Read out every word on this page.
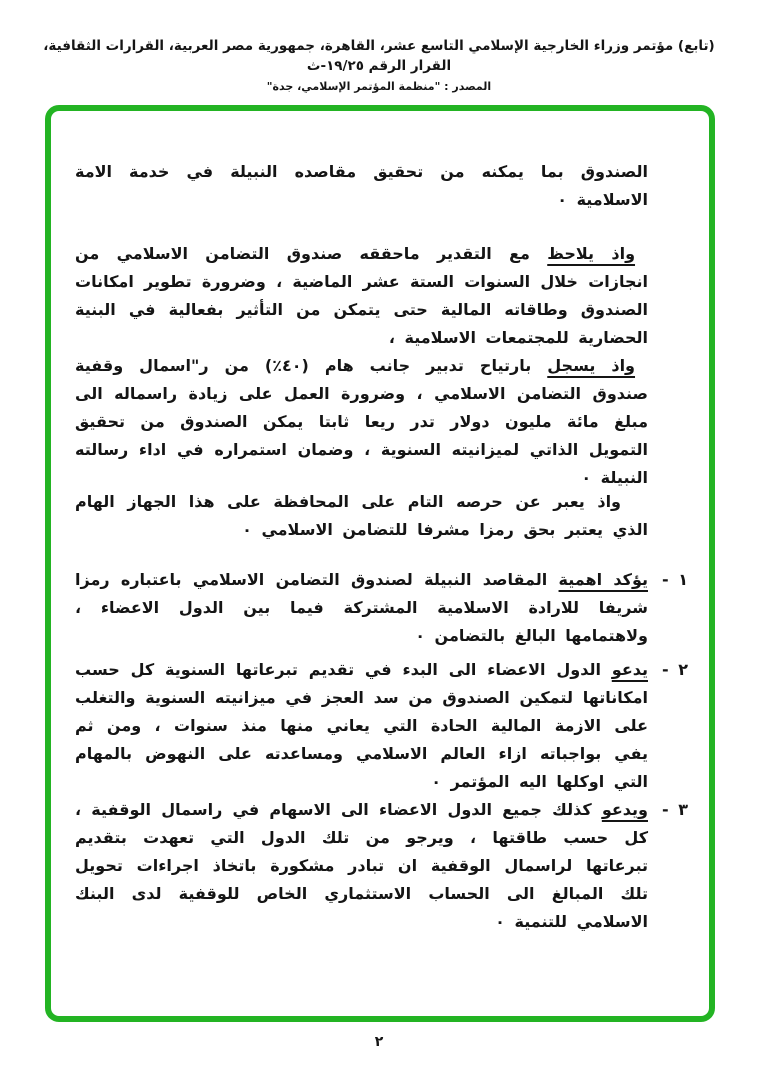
(تابع) مؤتمر وزراء الخارجية الإسلامي التاسع عشر، القاهرة، جمهورية مصر العربية، القرارات الثقافية، القرار الرقم ١٩/٢٥-ث
المصدر : "منظمة المؤتمر الإسلامي، جدة"

الصندوق بما يمكنه من تحقيق مقاصده النبيلة في خدمة الامة الاسلامية ٠

واذ يلاحظ مع التقدير ماحققه صندوق التضامن الاسلامي من انجازات خلال السنوات الستة عشر الماضية ، وضرورة تطوير امكانات الصندوق وطاقاته المالية حتى يتمكن من التأثير بفعالية في البنية الحضارية للمجتمعات الاسلامية ،

واذ يسجل بارتياح تدبير جانب هام (٤٠٪) من ر"اسمال وقفية صندوق التضامن الاسلامي ، وضرورة العمل على زيادة راسماله الى مبلغ مائة مليون دولار تدر ريعا ثابتا يمكن الصندوق من تحقيق التمويل الذاتي لميزانيته السنوية ، وضمان استمراره في اداء رسالته النبيلة ٠

واذ يعبر عن حرصه التام على المحافظة على هذا الجهاز الهام الذي يعتبر بحق رمزا مشرفا للتضامن الاسلامي ٠

١ -
يؤكد اهمية المقاصد النبيلة لصندوق التضامن الاسلامي باعتباره رمزا شريفا للارادة الاسلامية المشتركة فيما بين الدول الاعضاء ، ولاهتمامها البالغ بالتضامن ٠
٢ -
يدعو الدول الاعضاء الى البدء في تقديم تبرعاتها السنوية كل حسب امكاناتها لتمكين الصندوق من سد العجز في ميزانيته السنوية والتغلب على الازمة المالية الحادة التي يعاني منها منذ سنوات ، ومن ثم يفي بواجباته ازاء العالم الاسلامي ومساعدته على النهوض بالمهام التي اوكلها اليه المؤتمر ٠
٣ -
ويدعو كذلك جميع الدول الاعضاء الى الاسهام في راسمال الوقفية ، كل حسب طاقتها ، ويرجو من تلك الدول التي تعهدت بتقديم تبرعاتها لراسمال الوقفية ان تبادر مشكورة باتخاذ اجراءات تحويل تلك المبالغ الى الحساب الاستثماري الخاص للوقفية لدى البنك الاسلامي للتنمية ٠
٢
